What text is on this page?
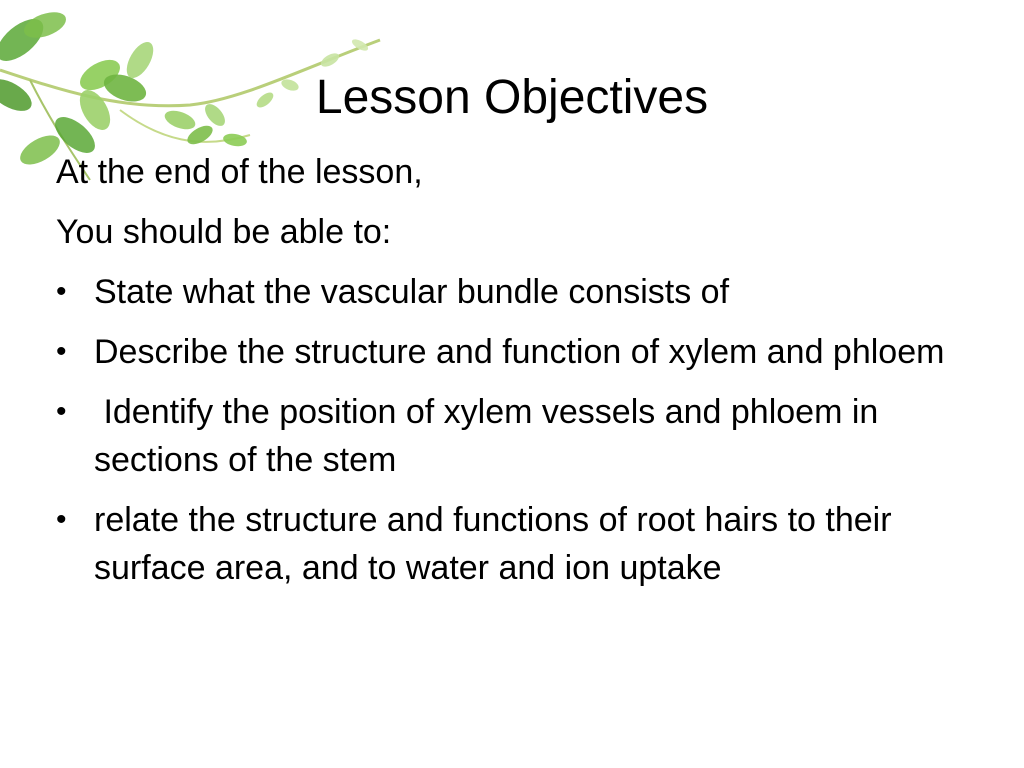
Lesson Objectives

At the end of the lesson,

You should be able to:

• State what the vascular bundle consists of
• Describe the structure and function of xylem and phloem
• Identify the position of xylem vessels and phloem in sections of the stem
• relate the structure and functions of root hairs to their surface area, and to water and ion uptake
